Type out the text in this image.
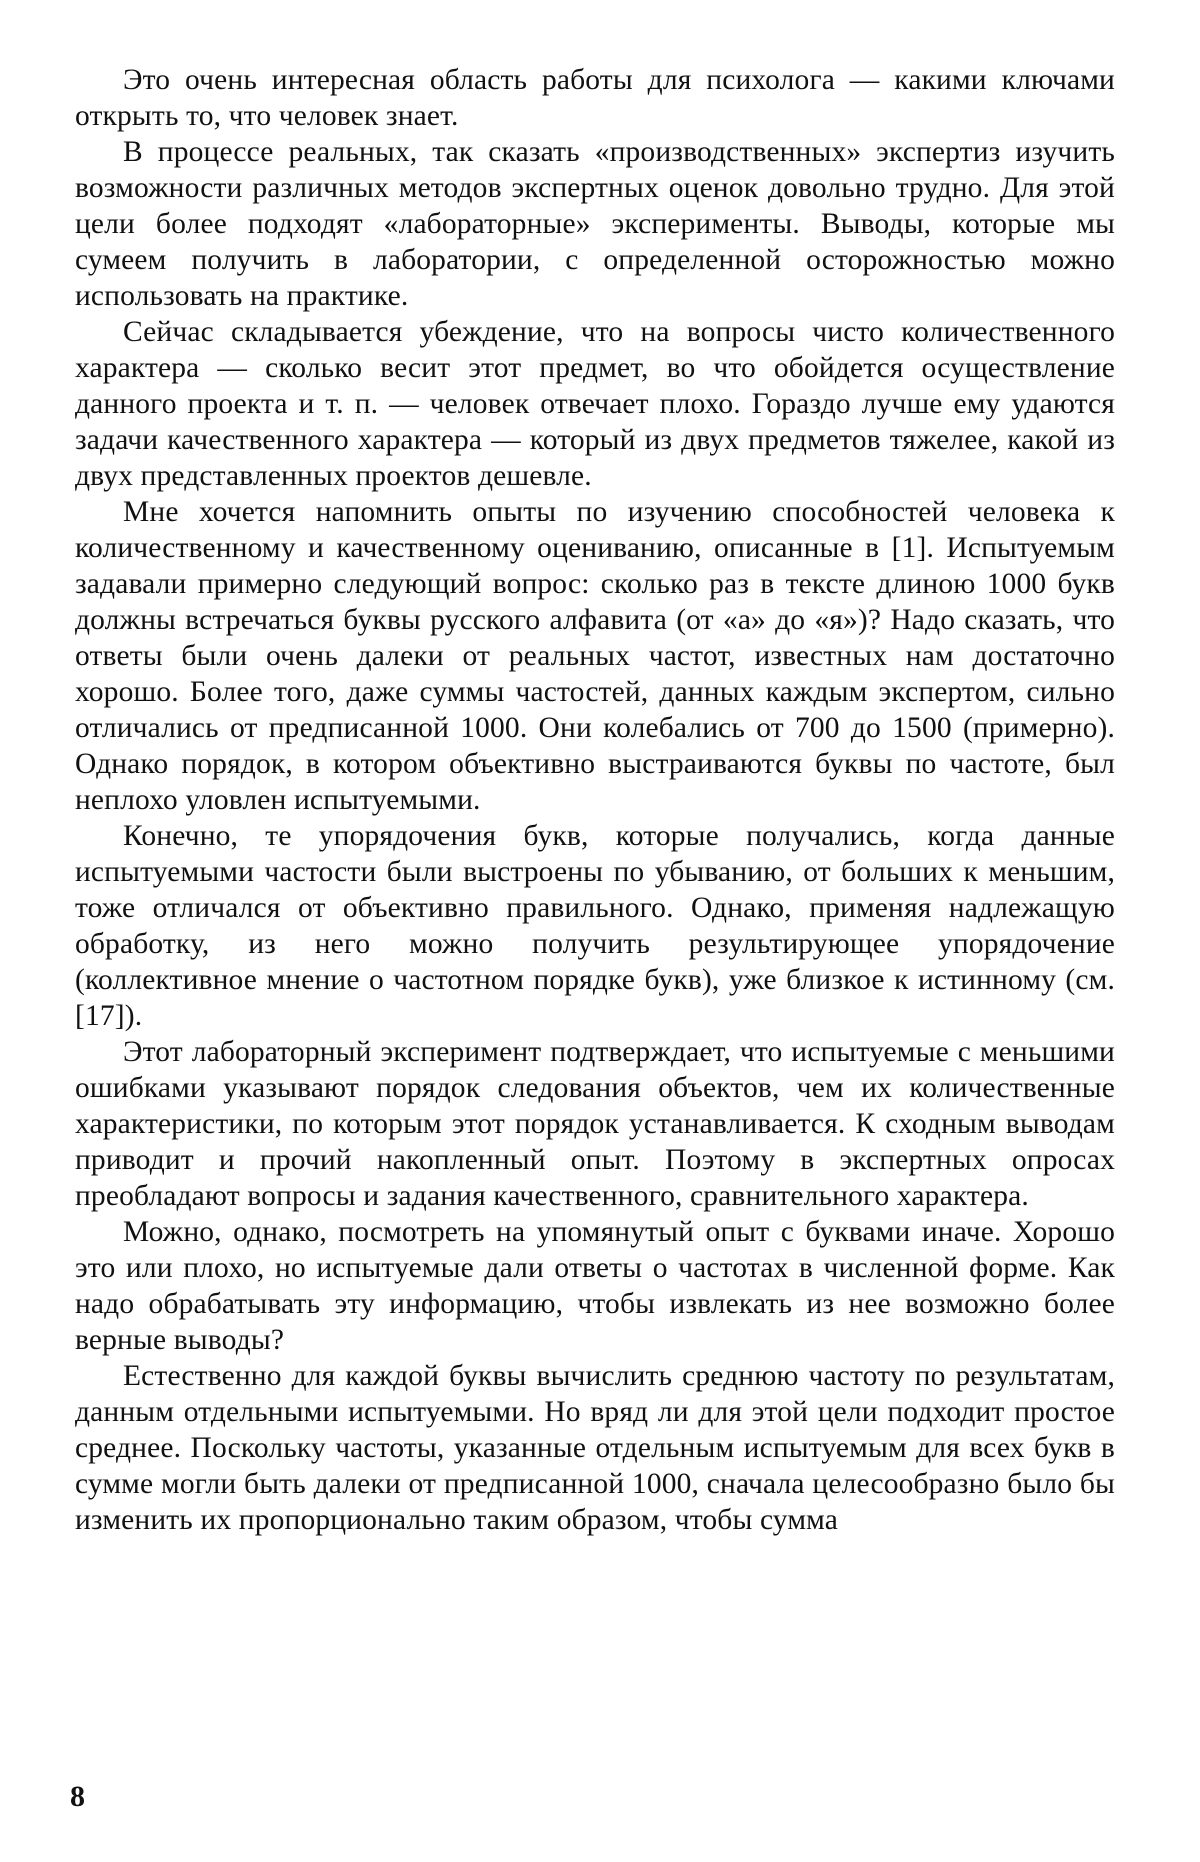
Это очень интересная область работы для психолога — какими ключами открыть то, что человек знает.

В процессе реальных, так сказать «производственных» экспертиз изучить возможности различных методов экспертных оценок довольно трудно. Для этой цели более подходят «лабораторные» эксперименты. Выводы, которые мы сумеем получить в лаборатории, с определенной осторожностью можно использовать на практике.

Сейчас складывается убеждение, что на вопросы чисто количественного характера — сколько весит этот предмет, во что обойдется осуществление данного проекта и т. п. — человек отвечает плохо. Гораздо лучше ему удаются задачи качественного характера — который из двух предметов тяжелее, какой из двух представленных проектов дешевле.

Мне хочется напомнить опыты по изучению способностей человека к количественному и качественному оцениванию, описанные в [1]. Испытуемым задавали примерно следующий вопрос: сколько раз в тексте длиною 1000 букв должны встречаться буквы русского алфавита (от «а» до «я»)? Надо сказать, что ответы были очень далеки от реальных частот, известных нам достаточно хорошо. Более того, даже суммы частостей, данных каждым экспертом, сильно отличались от предписанной 1000. Они колебались от 700 до 1500 (примерно). Однако порядок, в котором объективно выстраиваются буквы по частоте, был неплохо уловлен испытуемыми.

Конечно, те упорядочения букв, которые получались, когда данные испытуемыми частости были выстроены по убыванию, от больших к меньшим, тоже отличался от объективно правильного. Однако, применяя надлежащую обработку, из него можно получить результирующее упорядочение (коллективное мнение о частотном порядке букв), уже близкое к истинному (см. [17]).

Этот лабораторный эксперимент подтверждает, что испытуемые с меньшими ошибками указывают порядок следования объектов, чем их количественные характеристики, по которым этот порядок устанавливается. К сходным выводам приводит и прочий накопленный опыт. Поэтому в экспертных опросах преобладают вопросы и задания качественного, сравнительного характера.

Можно, однако, посмотреть на упомянутый опыт с буквами иначе. Хорошо это или плохо, но испытуемые дали ответы о частотах в численной форме. Как надо обрабатывать эту информацию, чтобы извлекать из нее возможно более верные выводы?

Естественно для каждой буквы вычислить среднюю частоту по результатам, данным отдельными испытуемыми. Но вряд ли для этой цели подходит простое среднее. Поскольку частоты, указанные отдельным испытуемым для всех букв в сумме могли быть далеки от предписанной 1000, сначала целесообразно было бы изменить их пропорционально таким образом, чтобы сумма

8
